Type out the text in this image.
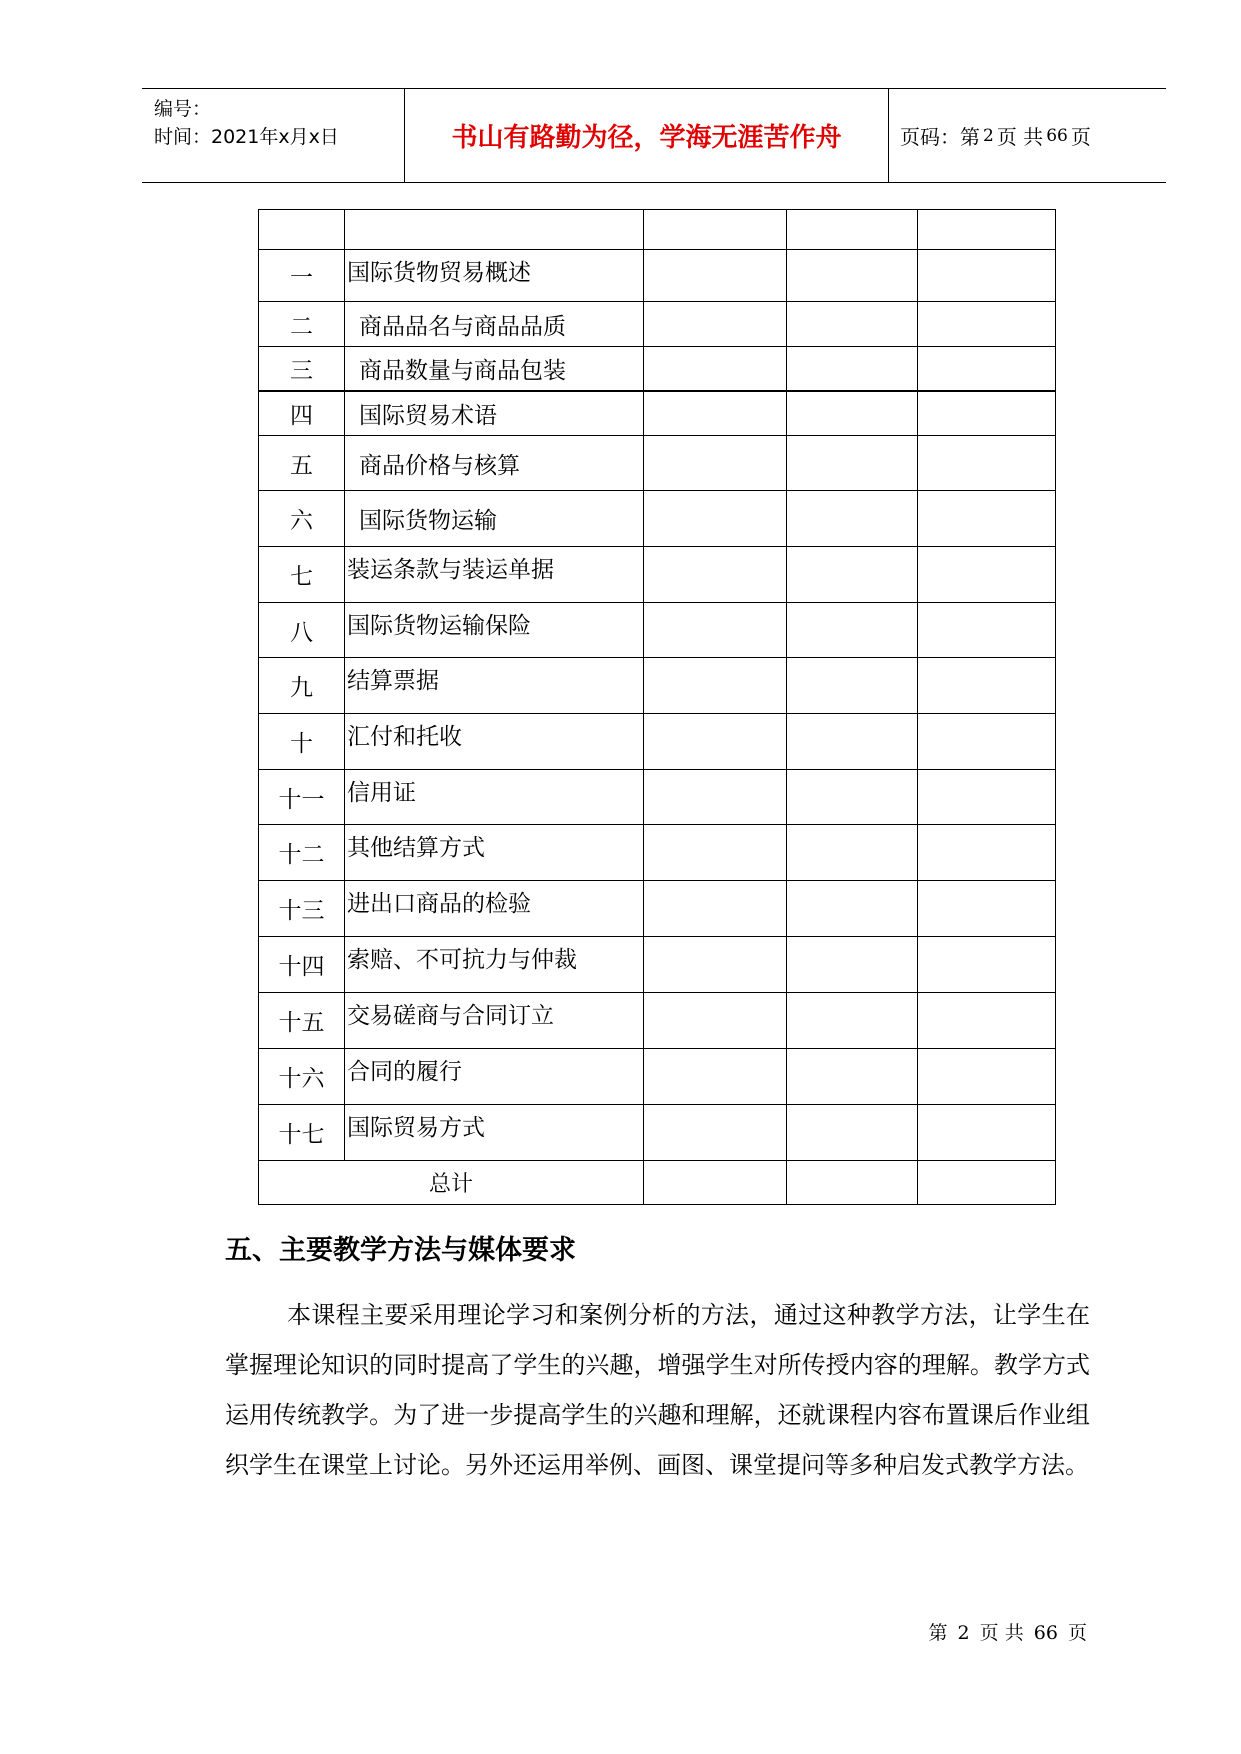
编号：
时间：2021年x月x日	书山有路勤为径，学海无涯苦作舟	页码：第 2 页 共 66 页

一	国际货物贸易概述			
二	商品品名与商品品质			
三	商品数量与商品包装			
四	国际贸易术语			
五	商品价格与核算			
六	国际货物运输			
七	装运条款与装运单据			
八	国际货物运输保险			
九	结算票据			
十	汇付和托收			
十一	信用证			
十二	其他结算方式			
十三	进出口商品的检验			
十四	索赔、不可抗力与仲裁			
十五	交易磋商与合同订立			
十六	合同的履行			
十七	国际贸易方式			
总计				
五、主要教学方法与媒体要求
本课程主要采用理论学习和案例分析的方法，通过这种教学方法，让学生在掌握理论知识的同时提高了学生的兴趣，增强学生对所传授内容的理解。教学方式运用传统教学。为了进一步提高学生的兴趣和理解，还就课程内容布置课后作业组织学生在课堂上讨论。另外还运用举例、画图、课堂提问等多种启发式教学方法。
第 2 页 共 66 页
